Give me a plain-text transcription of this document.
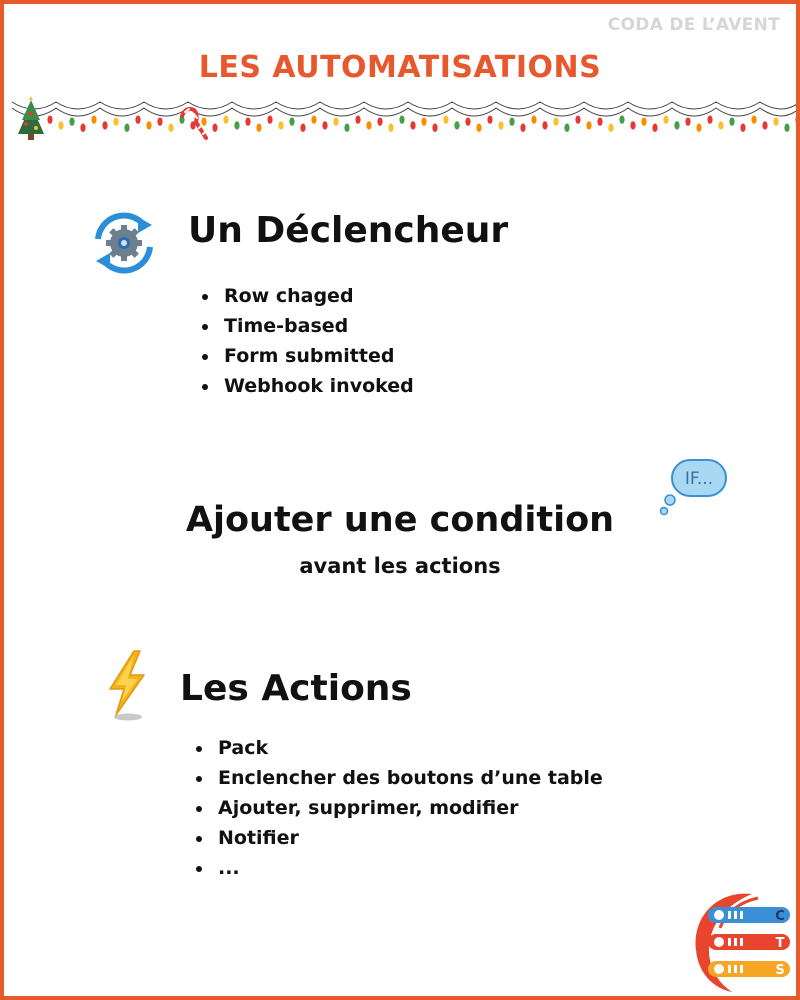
CODA DE L’AVENT
LES AUTOMATISATIONS
Un Déclencheur
Row chaged
Time-based
Form submitted
Webhook invoked
IF...
Ajouter une condition
avant les actions
Les Actions
Pack
Enclencher des boutons d’une table
Ajouter, supprimer, modifier
Notifier
...
C
T
S
